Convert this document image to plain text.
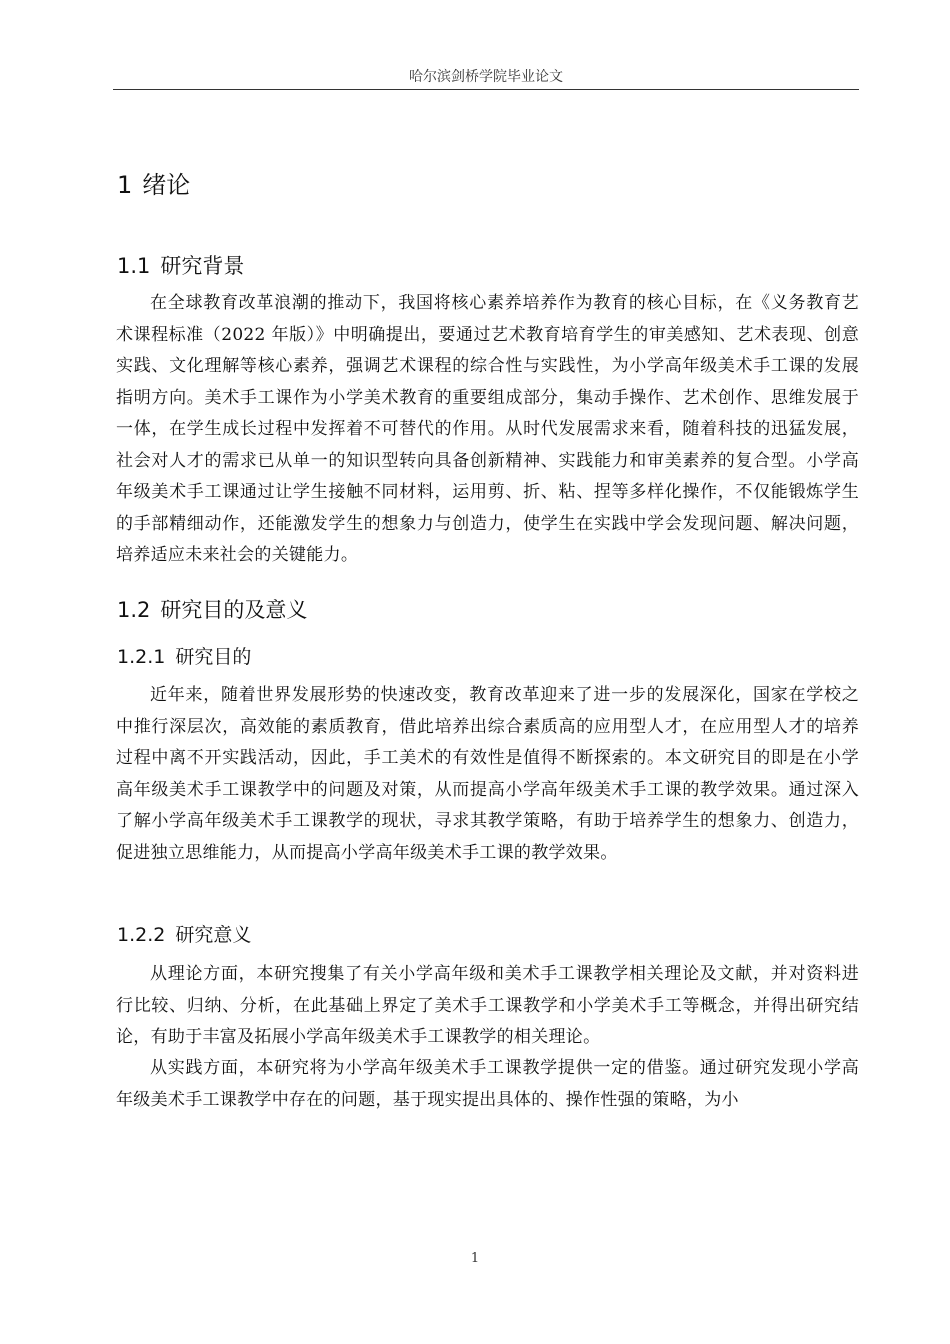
哈尔滨剑桥学院毕业论文
1 绪论
1.1 研究背景

在全球教育改革浪潮的推动下，我国将核心素养培养作为教育的核心目标，在《义务教育艺术课程标准（2022 年版）》中明确提出，要通过艺术教育培育学生的审美感知、艺术表现、创意实践、文化理解等核心素养，强调艺术课程的综合性与实践性，为小学高年级美术手工课的发展指明方向。美术手工课作为小学美术教育的重要组成部分，集动手操作、艺术创作、思维发展于一体，在学生成长过程中发挥着不可替代的作用。从时代发展需求来看，随着科技的迅猛发展，社会对人才的需求已从单一的知识型转向具备创新精神、实践能力和审美素养的复合型。小学高年级美术手工课通过让学生接触不同材料，运用剪、折、粘、捏等多样化操作，不仅能锻炼学生的手部精细动作，还能激发学生的想象力与创造力，使学生在实践中学会发现问题、解决问题，培养适应未来社会的关键能力。

1.2 研究目的及意义
1.2.1 研究目的

近年来，随着世界发展形势的快速改变，教育改革迎来了进一步的发展深化，国家在学校之中推行深层次，高效能的素质教育，借此培养出综合素质高的应用型人才，在应用型人才的培养过程中离不开实践活动，因此，手工美术的有效性是值得不断探索的。本文研究目的即是在小学高年级美术手工课教学中的问题及对策，从而提高小学高年级美术手工课的教学效果。通过深入了解小学高年级美术手工课教学的现状，寻求其教学策略，有助于培养学生的想象力、创造力，促进独立思维能力，从而提高小学高年级美术手工课的教学效果。

1.2.2 研究意义

从理论方面，本研究搜集了有关小学高年级和美术手工课教学相关理论及文献，并对资料进行比较、归纳、分析，在此基础上界定了美术手工课教学和小学美术手工等概念，并得出研究结论，有助于丰富及拓展小学高年级美术手工课教学的相关理论。

从实践方面，本研究将为小学高年级美术手工课教学提供一定的借鉴。通过研究发现小学高年级美术手工课教学中存在的问题，基于现实提出具体的、操作性强的策略，为小

1
